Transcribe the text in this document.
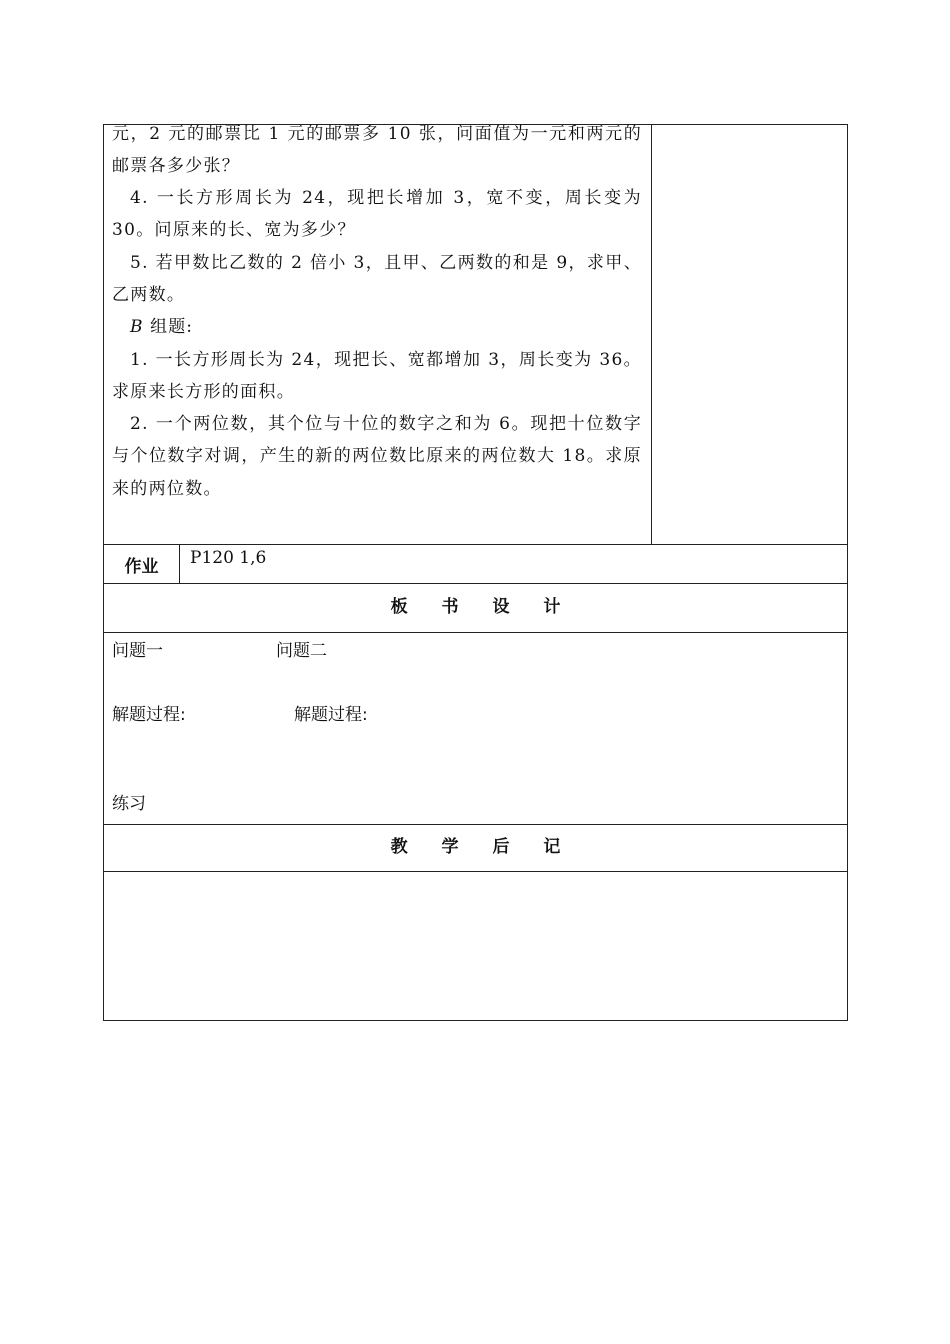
元，2 元的邮票比 1 元的邮票多 10 张，问面值为一元和两元的邮票各多少张？
4. 一长方形周长为 24，现把长增加 3，宽不变，周长变为 30。问原来的长、宽为多少？
5. 若甲数比乙数的 2 倍小 3，且甲、乙两数的和是 9，求甲、乙两数。
B 组题:
1. 一长方形周长为 24，现把长、宽都增加 3，周长变为 36。求原来长方形的面积。
2. 一个两位数，其个位与十位的数字之和为 6。现把十位数字与个位数字对调，产生的新的两位数比原来的两位数大 18。求原来的两位数。
作业	P120 1,6
板 书 设 计
问题一	问题二
解题过程:	解题过程:
练习
教 学 后 记
